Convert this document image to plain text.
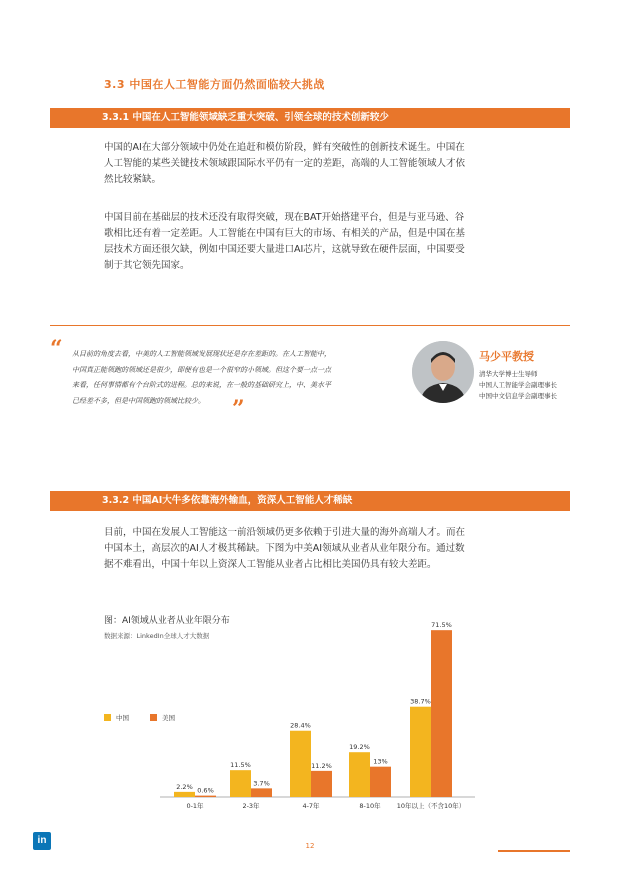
3.3 中国在人工智能方面仍然面临较大挑战
3.3.1 中国在人工智能领域缺乏重大突破、引领全球的技术创新较少
中国的AI在大部分领域中仍处在追赶和模仿阶段，鲜有突破性的创新技术诞生。中国在
人工智能的某些关键技术领域跟国际水平仍有一定的差距，高端的人工智能领域人才依
然比较紧缺。
中国目前在基础层的技术还没有取得突破，现在BAT开始搭建平台，但是与亚马逊、谷
歌相比还有着一定差距。人工智能在中国有巨大的市场、有相关的产品，但是中国在基
层技术方面还很欠缺，例如中国还要大量进口AI芯片，这就导致在硬件层面，中国要受
制于其它领先国家。
“ 从目前的角度去看，中美的人工智能领域发展现状还是存在差距的。在人工智能中，
中国真正能领跑的领域还是很少，即便有也是一个很窄的小领域。但这个要一点一点
来看，任何事情都有个台阶式的进程。总的来说，在一般的基础研究上，中、美水平
已经差不多，但是中国领跑的领域比较少。	”
马少平教授
清华大学博士生导师
中国人工智能学会副理事长
中国中文信息学会副理事长
3.3.2 中国AI大牛多依靠海外输血，资深人工智能人才稀缺
目前，中国在发展人工智能这一前沿领域仍更多依赖于引进大量的海外高端人才。而在
中国本土，高层次的AI人才极其稀缺。下图为中美AI领域从业者从业年限分布。通过数
据不难看出，中国十年以上资深人工智能从业者占比相比美国仍具有较大差距。
图：AI领域从业者从业年限分布
数据来源：LinkedIn全球人才大数据
中国	美国
2.2%
11.5%
28.4%
19.2%
38.7%
0.6%
3.7%
11.2%
13%
71.5%
0-1年	2-3年	4-7年	8-10年 10年以上（不含10年）
in	12
